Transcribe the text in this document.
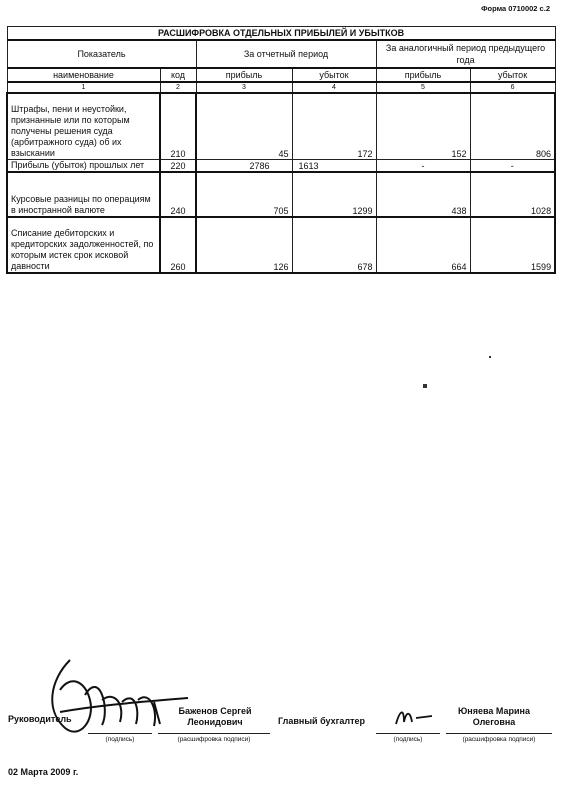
Форма 0710002 с.2
РАСШИФРОВКА ОТДЕЛЬНЫХ ПРИБЫЛЕЙ И УБЫТКОВ					
Показатель		За отчетный период		За аналогичный период предыдущего года	
наименование	код	прибыль	убыток	прибыль	убыток
1	2	3	4	5	6
Штрафы, пени и неустойки, признанные или по которым получены решения суда (арбитражного суда) об их взыскании	210	45	172	152	806
Прибыль (убыток) прошлых лет	220	2786	1613	-	-
Курсовые разницы по операциям в иностранной валюте	240	705	1299	438	1028
Списание дебиторских и кредиторских задолженностей, по которым истек срок исковой давности	260	126	678	664	1599
Руководитель
Баженов Сергей Леонидович
(подпись)	(расшифровка подписи)
Главный бухгалтер
Юняева Марина Олеговна
(подпись)	(расшифровка подписи)
02 Марта 2009 г.
